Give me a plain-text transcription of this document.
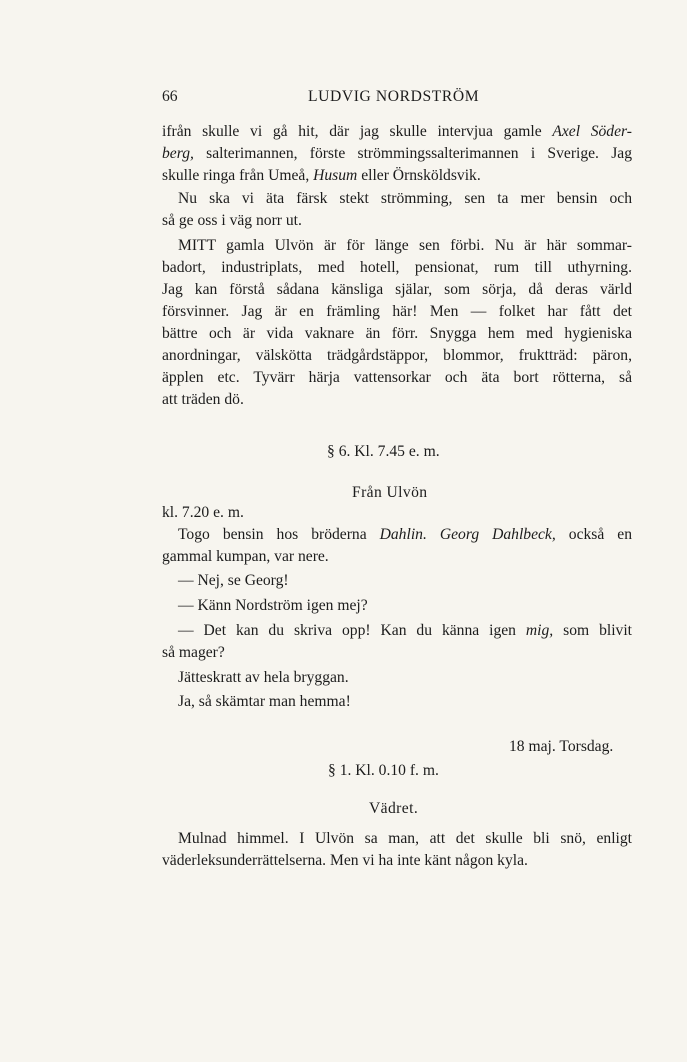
66	LUDVIG NORDSTRÖM
ifrån skulle vi gå hit, där jag skulle intervjua gamle Axel Söder-
berg, salterimannen, förste strömmingssalterimannen i Sverige. Jag
skulle ringa från Umeå, Husum eller Örnsköldsvik.
Nu ska vi äta färsk stekt strömming, sen ta mer bensin och
så ge oss i väg norr ut.
MITT gamla Ulvön är för länge sen förbi. Nu är här sommar-
badort, industriplats, med hotell, pensionat, rum till uthyrning.
Jag kan förstå sådana känsliga själar, som sörja, då deras värld
försvinner. Jag är en främling här! Men — folket har fått det
bättre och är vida vaknare än förr. Snygga hem med hygieniska
anordningar, välskötta trädgårdstäppor, blommor, fruktträd: päron,
äpplen etc. Tyvärr härja vattensorkar och äta bort rötterna, så
att träden dö.
§ 6. Kl. 7.45 e. m.
Från Ulvön
kl. 7.20 e. m.
Togo bensin hos bröderna Dahlin. Georg Dahlbeck, också en
gammal kumpan, var nere.
— Nej, se Georg!
— Känn Nordström igen mej?
— Det kan du skriva opp! Kan du känna igen mig, som blivit
så mager?
Jätteskratt av hela bryggan.
Ja, så skämtar man hemma!
18 maj. Torsdag.
§ 1. Kl. 0.10 f. m.
Vädret.
Mulnad himmel. I Ulvön sa man, att det skulle bli snö, enligt
väderleksunderrättelserna. Men vi ha inte känt någon kyla.
